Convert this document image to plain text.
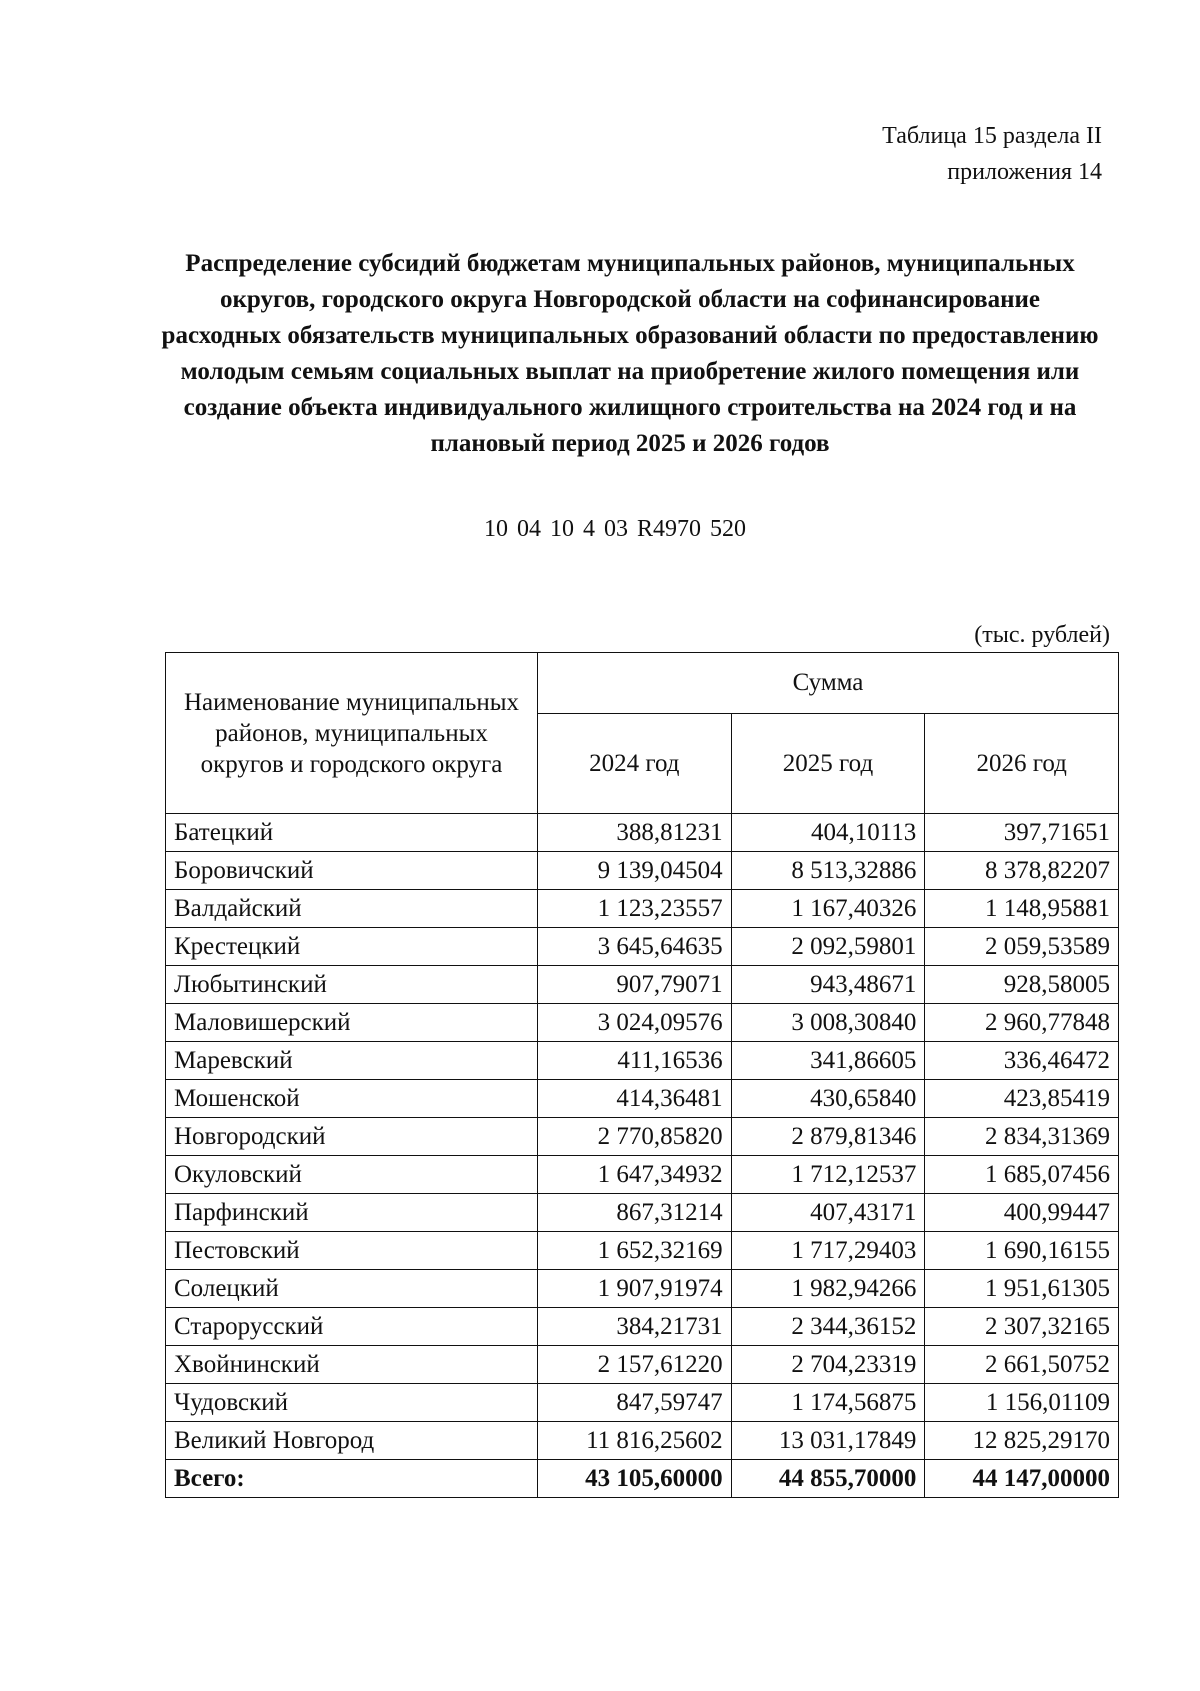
Таблица 15 раздела II
приложения 14
Распределение субсидий бюджетам муниципальных районов, муниципальных округов, городского округа Новгородской области на софинансирование расходных обязательств муниципальных образований области по предоставлению молодым семьям социальных выплат на приобретение жилого помещения или создание объекта индивидуального жилищного строительства на 2024 год и на плановый период 2025 и 2026 годов
10 04 10 4 03 R4970 520
(тыс. рублей)
Наименование муниципальных районов, муниципальных округов и городского округа	Сумма		
	2024 год	2025 год	2026 год
Батецкий	388,81231	404,10113	397,71651
Боровичский	9 139,04504	8 513,32886	8 378,82207
Валдайский	1 123,23557	1 167,40326	1 148,95881
Крестецкий	3 645,64635	2 092,59801	2 059,53589
Любытинский	907,79071	943,48671	928,58005
Маловишерский	3 024,09576	3 008,30840	2 960,77848
Маревский	411,16536	341,86605	336,46472
Мошенской	414,36481	430,65840	423,85419
Новгородский	2 770,85820	2 879,81346	2 834,31369
Окуловский	1 647,34932	1 712,12537	1 685,07456
Парфинский	867,31214	407,43171	400,99447
Пестовский	1 652,32169	1 717,29403	1 690,16155
Солецкий	1 907,91974	1 982,94266	1 951,61305
Старорусский	384,21731	2 344,36152	2 307,32165
Хвойнинский	2 157,61220	2 704,23319	2 661,50752
Чудовский	847,59747	1 174,56875	1 156,01109
Великий Новгород	11 816,25602	13 031,17849	12 825,29170
Всего:	43 105,60000	44 855,70000	44 147,00000
